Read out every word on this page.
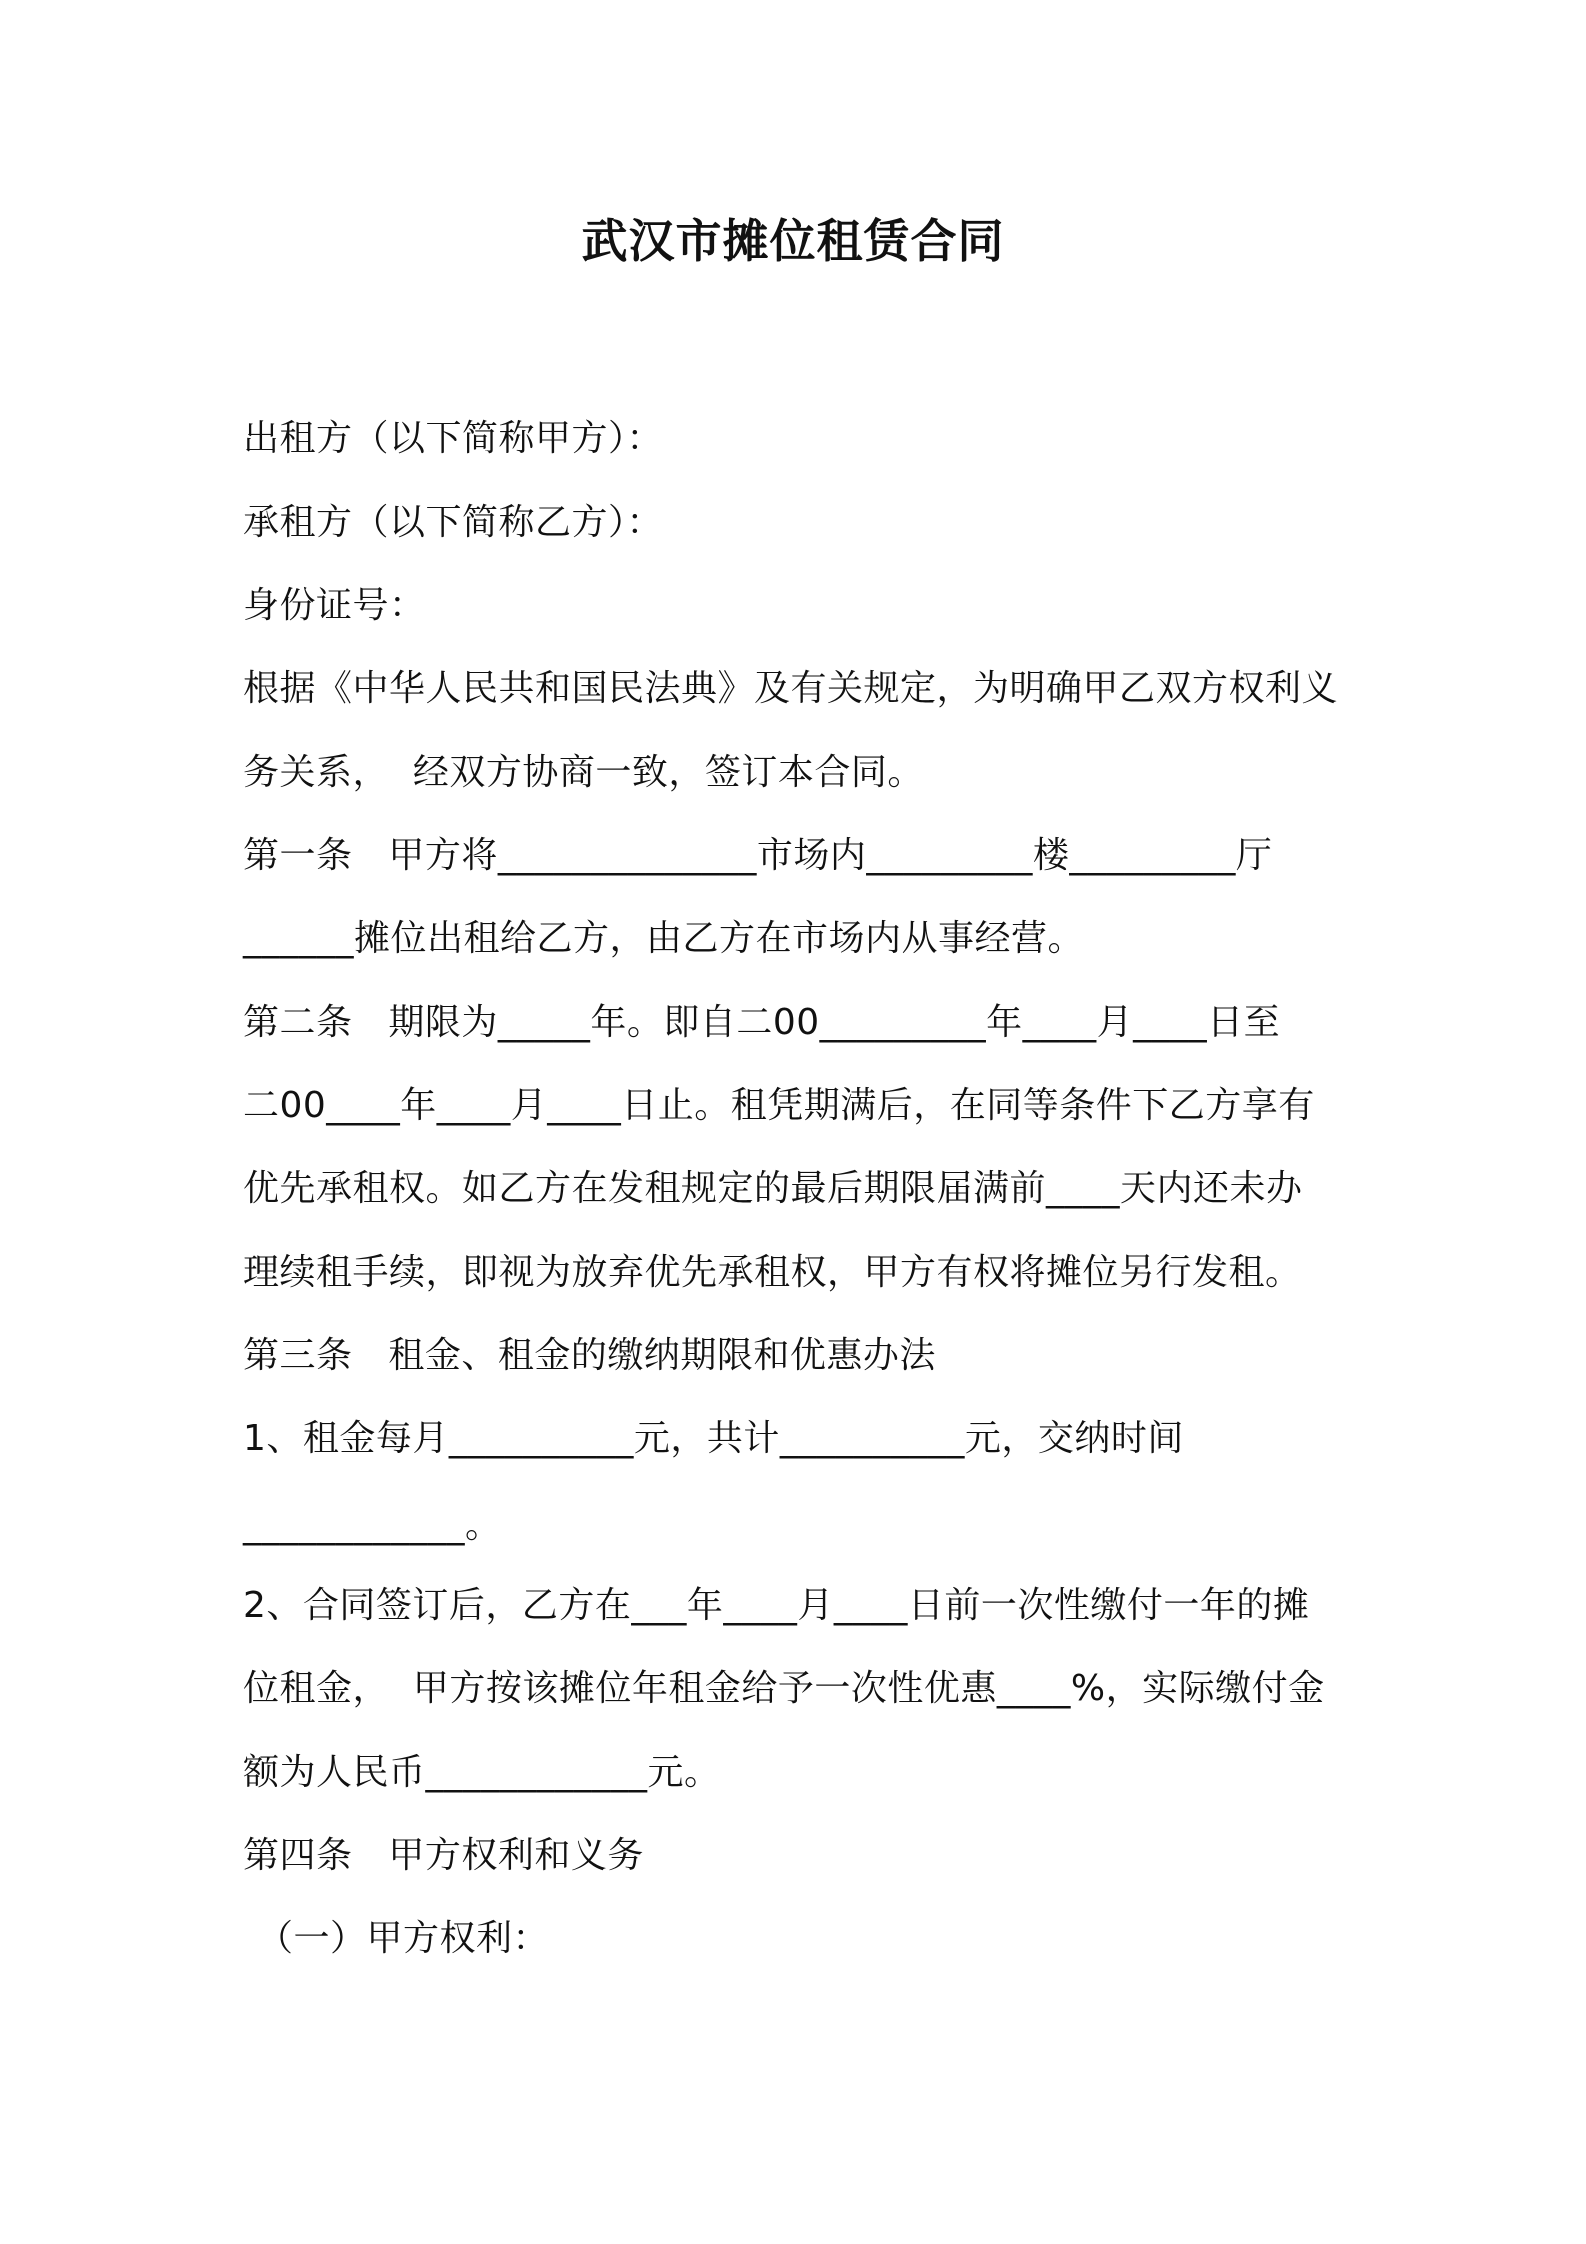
武汉市摊位租赁合同
出租方（以下简称甲方）：
承租方（以下简称乙方）：
身份证号：
根据《中华人民共和国民法典》及有关规定，为明确甲乙双方权利义
务关系，  经双方协商一致，签订本合同。
第一条   甲方将______________市场内_________楼_________厅
______摊位出租给乙方，由乙方在市场内从事经营。
第二条   期限为_____年。即自二00_________年____月____日至
二00____年____月____日止。租凭期满后，在同等条件下乙方享有
优先承租权。如乙方在发租规定的最后期限届满前____天内还未办
理续租手续，即视为放弃优先承租权，甲方有权将摊位另行发租。
第三条   租金、租金的缴纳期限和优惠办法
1、租金每月__________元，共计__________元，交纳时间
____________。
2、合同签订后，乙方在___年____月____日前一次性缴付一年的摊
位租金，  甲方按该摊位年租金给予一次性优惠____%，实际缴付金
额为人民币____________元。
第四条   甲方权利和义务
（一）甲方权利：
